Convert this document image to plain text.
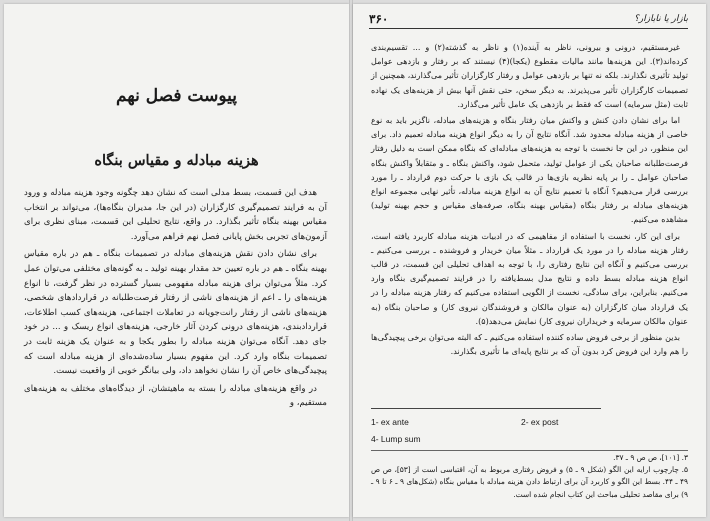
پیوست فصل نهم
هزینه مبادله و مقیاس بنگاه

هدف این قسمت، بسط مدلی است که نشان دهد چگونه وجود هزینه مبادله و ورود آن به فرایند تصمیم‌گیری کارگزاران (در این جا، مدیران بنگاه‌ها)، می‌تواند بر انتخاب مقیاس بهینه بنگاه تأثیر بگذارد. در واقع، نتایج تحلیلی این قسمت، مبنای نظری برای آزمون‌های تجربی بخش پایانی فصل نهم فراهم می‌آورد.

برای نشان دادن نقش هزینه‌های مبادله در تصمیمات بنگاه ـ هم در باره مقیاس بهینه بنگاه ـ هم در باره تعیین حد مقدار بهینه تولید ـ به گونه‌های مختلفی می‌توان عمل کرد. مثلاً می‌توان برای هزینه مبادله مفهومی بسیار گسترده در نظر گرفت، تا انواع هزینه‌های را ـ اعم از هزینه‌های ناشی از رفتار فرصت‌طلبانه در قراردادهای شخصی، هزینه‌های ناشی از رفتار رانت‌جویانه در تعاملات اجتماعی، هزینه‌های کسب اطلاعات، قراردادبندی، هزینه‌های درونی کردن آثار خارجی، هزینه‌های انواع ریسک و ... در خود جای دهد. آنگاه می‌توان هزینه مبادله را بطور یکجا و به عنوان یک هزینه ثابت در تصمیمات بنگاه وارد کرد. این مفهوم بسیار ساده‌شده‌ای از هزینه مبادله است که پیچیدگی‌های خاص آن را نشان نخواهد داد، ولی بیانگر خوبی از واقعیت نیست.

در واقع هزینه‌های مبادله را بسته به ماهیتشان، از دیدگاه‌های مختلف به هزینه‌های مستقیم، و

بازار یا نابازار؟
۳۶۰

غیرمستقیم، درونی و بیرونی، ناظر به آینده(۱) و ناظر به گذشته(۲) و ... تقسیم‌بندی کرده‌اند(۳). این هزینه‌ها مانند مالیات مقطوع (یکجا)(۴) نیستند که بر رفتار و بازدهی عوامل تولید تأثیری نگذارند. بلکه نه تنها بر بازدهی عوامل و رفتار کارگزاران تأثیر می‌گذارند، همچنین از تصمیمات کارگزاران تأثیر می‌پذیرند. به دیگر سخن، حتی نقش آنها بیش از هزینه‌های یک نهاده ثابت (مثل سرمایه) است که فقط بر بازدهی یک عامل تأثیر می‌گذارد.

اما برای نشان دادن کنش و واکنش میان رفتار بنگاه و هزینه‌های مبادله، ناگزیر باید به نوع خاصی از هزینه مبادله محدود شد. آنگاه نتایج آن را به دیگر انواع هزینه مبادله تعمیم داد. برای این منظور، در این جا نخست با توجه به هزینه‌های مبادله‌ای که بنگاه ممکن است به دلیل رفتار فرصت‌طلبانه صاحبان یکی از عوامل تولید، متحمل شود، واکنش بنگاه ـ و متقابلاً واکنش بنگاه صاحبان عوامل ـ را بر پایه نظریه بازی‌ها در قالب یک بازی با حرکت دوم قرارداد ـ را مورد بررسی قرار می‌دهیم؟ آنگاه با تعمیم نتایج آن به انواع هزینه مبادله، تأثیر نهایی مجموعه انواع هزینه‌های مبادله بر رفتار بنگاه (مقیاس بهینه بنگاه، صرفه‌های مقیاس و حجم بهینه تولید) مشاهده می‌کنیم.

برای این کار، نخست با استفاده از مفاهیمی که در ادبیات هزینه مبادله کاربرد یافته است، رفتار هزینه مبادله را در مورد یک قرارداد ـ مثلاً میان خریدار و فروشنده ـ بررسی می‌کنیم ـ بررسی می‌کنیم و آنگاه این نتایج رفتاری را، با توجه به اهداف تحلیلی این قسمت، در قالب انواع هزینه مبادله بسط داده و نتایج مدل بسط‌یافته را در فرایند تصمیم‌گیری بنگاه وارد می‌کنیم. بنابراین، برای سادگی، نخست از الگویی استفاده می‌کنیم که رفتار هزینه مبادله را در یک قرارداد میان کارگزاران (به عنوان مالکان و فروشندگان نیروی کار) و صاحبان بنگاه (به عنوان مالکان سرمایه و خریداران نیروی کار) نمایش می‌دهد(۵).

بدین منظور از برخی فروض ساده کننده استفاده می‌کنیم ـ که البته می‌توان برخی پیچیدگی‌ها را هم وارد این فروض کرد بدون آن که بر نتایج پایه‌ای ما تأثیری بگذارند.

1- ex ante	2- ex post
4- Lump sum

۳. [۱۰۱]، ص ص ۹ ـ ۳۷.

۵. چارچوب ارایه این الگو (شکل ۹ ـ ۵) و فروض رفتاری مربوط به آن، اقتباسی است از [۵۳]، ص ص ۴۹ ـ ۴۴. بسط این الگو و کاربرد آن برای ارتباط دادن هزینه مبادله با مقیاس بنگاه (شکل‌های ۹ ـ ۶ تا ۹ ـ ۹) برای مقاصد تحلیلی مباحث این کتاب انجام شده است.
